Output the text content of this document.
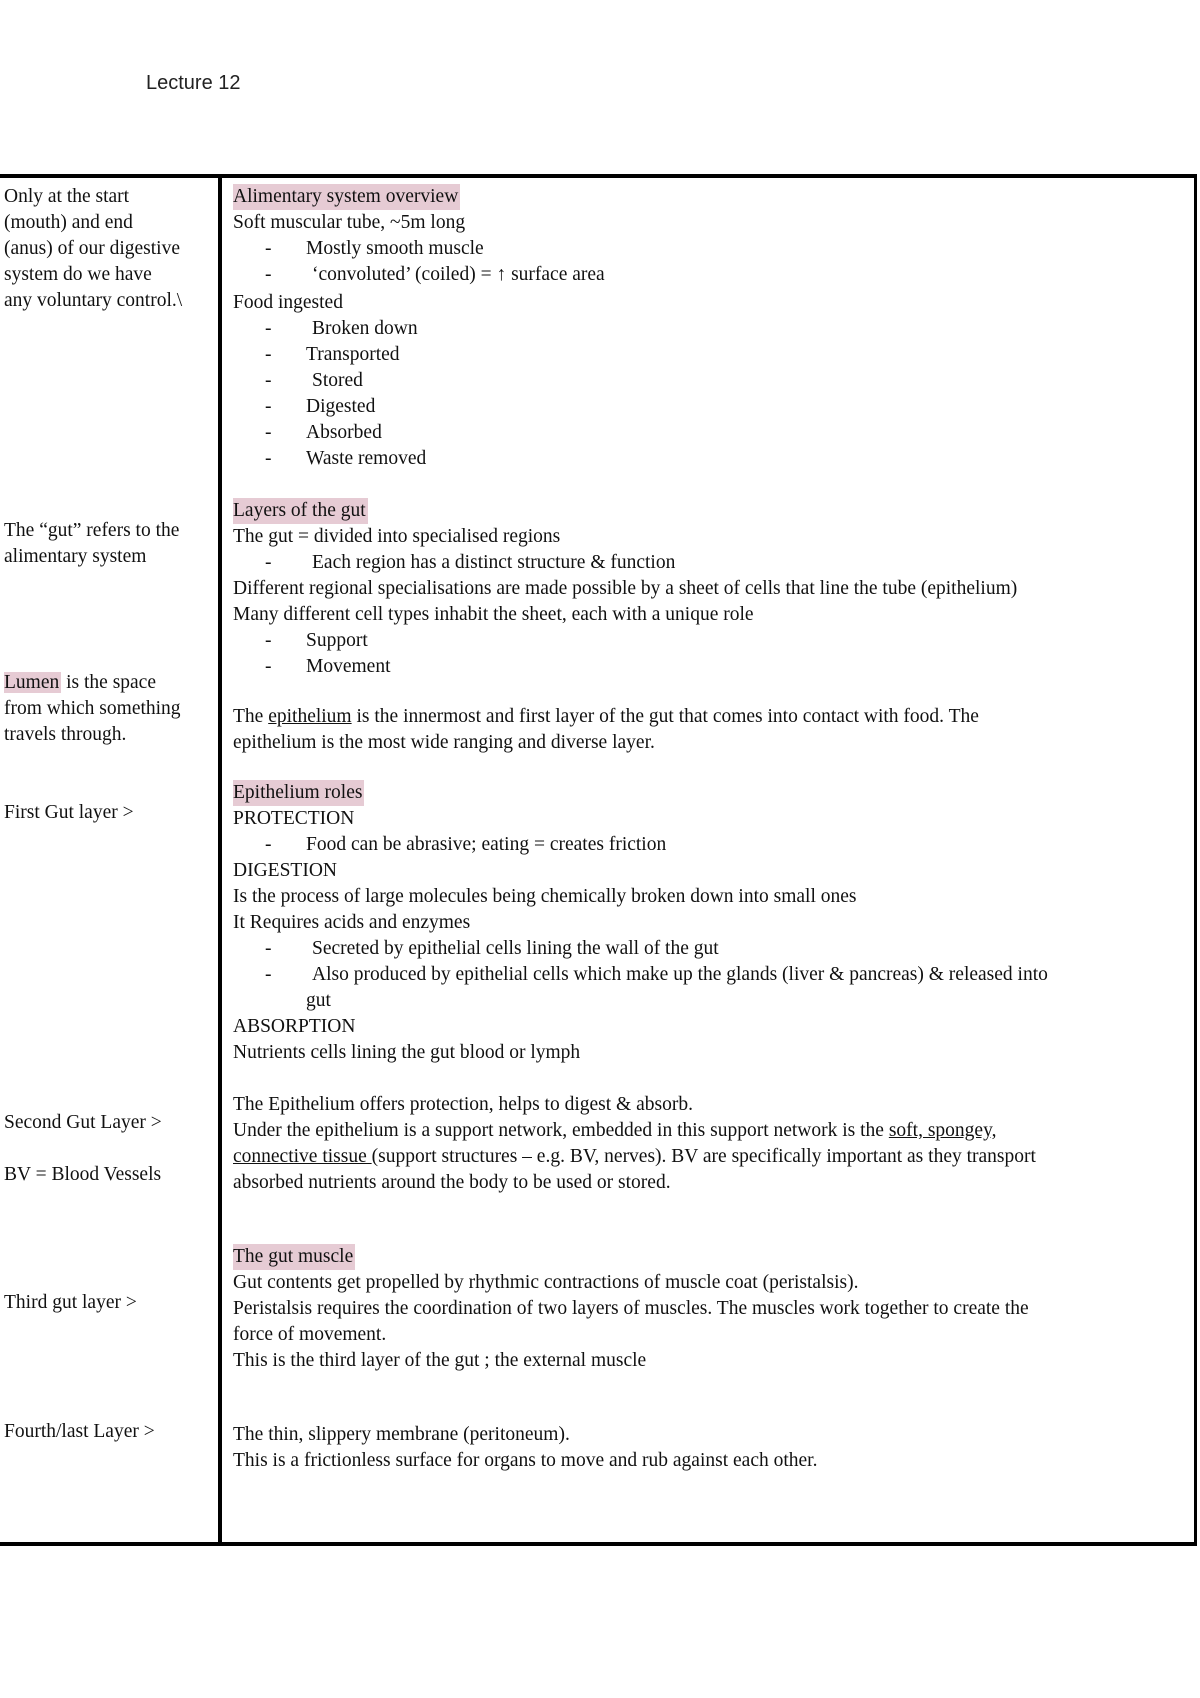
Lecture 12
Only at the start
(mouth) and end
(anus) of our digestive
system do we have
any voluntary control.\
The “gut” refers to the
alimentary system
Lumen is the space
from which something
travels through.
First Gut layer >
Second Gut Layer >
BV = Blood Vessels
Third gut layer >
Fourth/last Layer >
Alimentary system overview
Soft muscular tube, ~5m long
- Mostly smooth muscle
- ‘convoluted’ (coiled) = ↑ surface area
Food ingested
- Broken down
- Transported
- Stored
- Digested
- Absorbed
- Waste removed
Layers of the gut
The gut = divided into specialised regions
- Each region has a distinct structure & function
Different regional specialisations are made possible by a sheet of cells that line the tube (epithelium)
Many different cell types inhabit the sheet, each with a unique role
- Support
- Movement
The epithelium is the innermost and first layer of the gut that comes into contact with food. The
epithelium is the most wide ranging and diverse layer.
Epithelium roles
PROTECTION
- Food can be abrasive; eating = creates friction
DIGESTION
Is the process of large molecules being chemically broken down into small ones
It Requires acids and enzymes
- Secreted by epithelial cells lining the wall of the gut
- Also produced by epithelial cells which make up the glands (liver & pancreas) & released into
gut
ABSORPTION
Nutrients cells lining the gut blood or lymph
The Epithelium offers protection, helps to digest & absorb.
Under the epithelium is a support network, embedded in this support network is the soft, spongey,
connective tissue (support structures – e.g. BV, nerves). BV are specifically important as they transport
absorbed nutrients around the body to be used or stored.
The gut muscle
Gut contents get propelled by rhythmic contractions of muscle coat (peristalsis).
Peristalsis requires the coordination of two layers of muscles. The muscles work together to create the
force of movement.
This is the third layer of the gut ; the external muscle
The thin, slippery membrane (peritoneum).
This is a frictionless surface for organs to move and rub against each other.
